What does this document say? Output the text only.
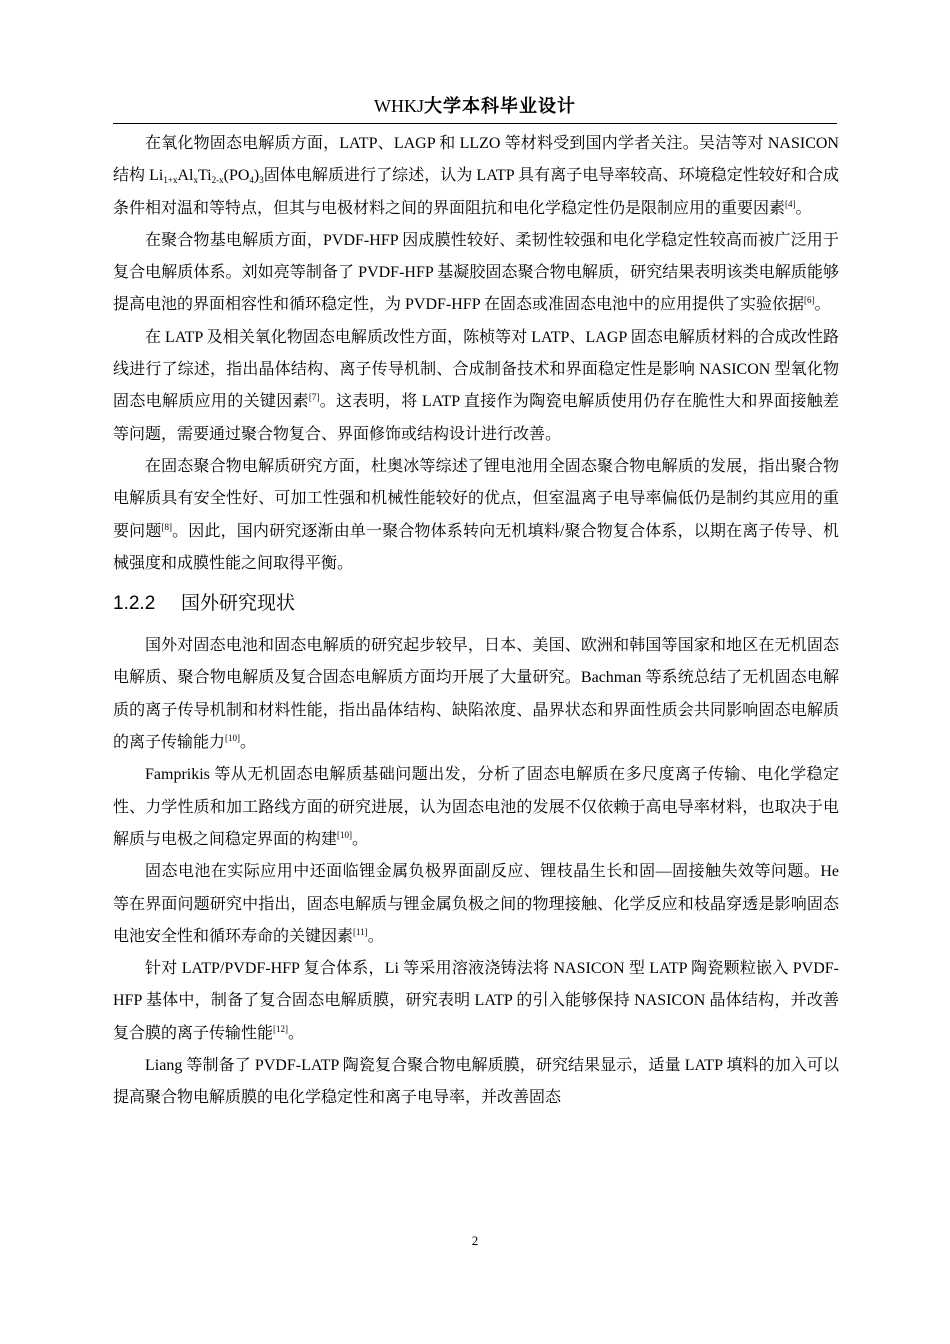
WHKJ大学本科毕业设计

在氧化物固态电解质方面，LATP、LAGP 和 LLZO 等材料受到国内学者关注。吴洁等对 NASICON 结构 $Li_{1+x}Al_xTi_{2-x}(PO_4)_3$固体电解质进行了综述，认为 LATP 具有离子电导率较高、环境稳定性较好和合成条件相对温和等特点，但其与电极材料之间的界面阻抗和电化学稳定性仍是限制应用的重要因素[4]。

在聚合物基电解质方面，PVDF-HFP 因成膜性较好、柔韧性较强和电化学稳定性较高而被广泛用于复合电解质体系。刘如亮等制备了 PVDF-HFP 基凝胶固态聚合物电解质，研究结果表明该类电解质能够提高电池的界面相容性和循环稳定性，为 PVDF-HFP 在固态或准固态电池中的应用提供了实验依据[6]。

在 LATP 及相关氧化物固态电解质改性方面，陈桢等对 LATP、LAGP 固态电解质材料的合成改性路线进行了综述，指出晶体结构、离子传导机制、合成制备技术和界面稳定性是影响 NASICON 型氧化物固态电解质应用的关键因素[7]。这表明，将 LATP 直接作为陶瓷电解质使用仍存在脆性大和界面接触差等问题，需要通过聚合物复合、界面修饰或结构设计进行改善。

在固态聚合物电解质研究方面，杜奥冰等综述了锂电池用全固态聚合物电解质的发展，指出聚合物电解质具有安全性好、可加工性强和机械性能较好的优点，但室温离子电导率偏低仍是制约其应用的重要问题[8]。因此，国内研究逐渐由单一聚合物体系转向无机填料/聚合物复合体系，以期在离子传导、机械强度和成膜性能之间取得平衡。

1.2.2 国外研究现状

国外对固态电池和固态电解质的研究起步较早，日本、美国、欧洲和韩国等国家和地区在无机固态电解质、聚合物电解质及复合固态电解质方面均开展了大量研究。Bachman 等系统总结了无机固态电解质的离子传导机制和材料性能，指出晶体结构、缺陷浓度、晶界状态和界面性质会共同影响固态电解质的离子传输能力[10]。

Famprikis 等从无机固态电解质基础问题出发，分析了固态电解质在多尺度离子传输、电化学稳定性、力学性质和加工路线方面的研究进展，认为固态电池的发展不仅依赖于高电导率材料，也取决于电解质与电极之间稳定界面的构建[10]。

固态电池在实际应用中还面临锂金属负极界面副反应、锂枝晶生长和固—固接触失效等问题。He 等在界面问题研究中指出，固态电解质与锂金属负极之间的物理接触、化学反应和枝晶穿透是影响固态电池安全性和循环寿命的关键因素[11]。

针对 LATP/PVDF-HFP 复合体系，Li 等采用溶液浇铸法将 NASICON 型 LATP 陶瓷颗粒嵌入 PVDF-HFP 基体中，制备了复合固态电解质膜，研究表明 LATP 的引入能够保持 NASICON 晶体结构，并改善复合膜的离子传输性能[12]。

Liang 等制备了 PVDF-LATP 陶瓷复合聚合物电解质膜，研究结果显示，适量 LATP 填料的加入可以提高聚合物电解质膜的电化学稳定性和离子电导率，并改善固态

2
